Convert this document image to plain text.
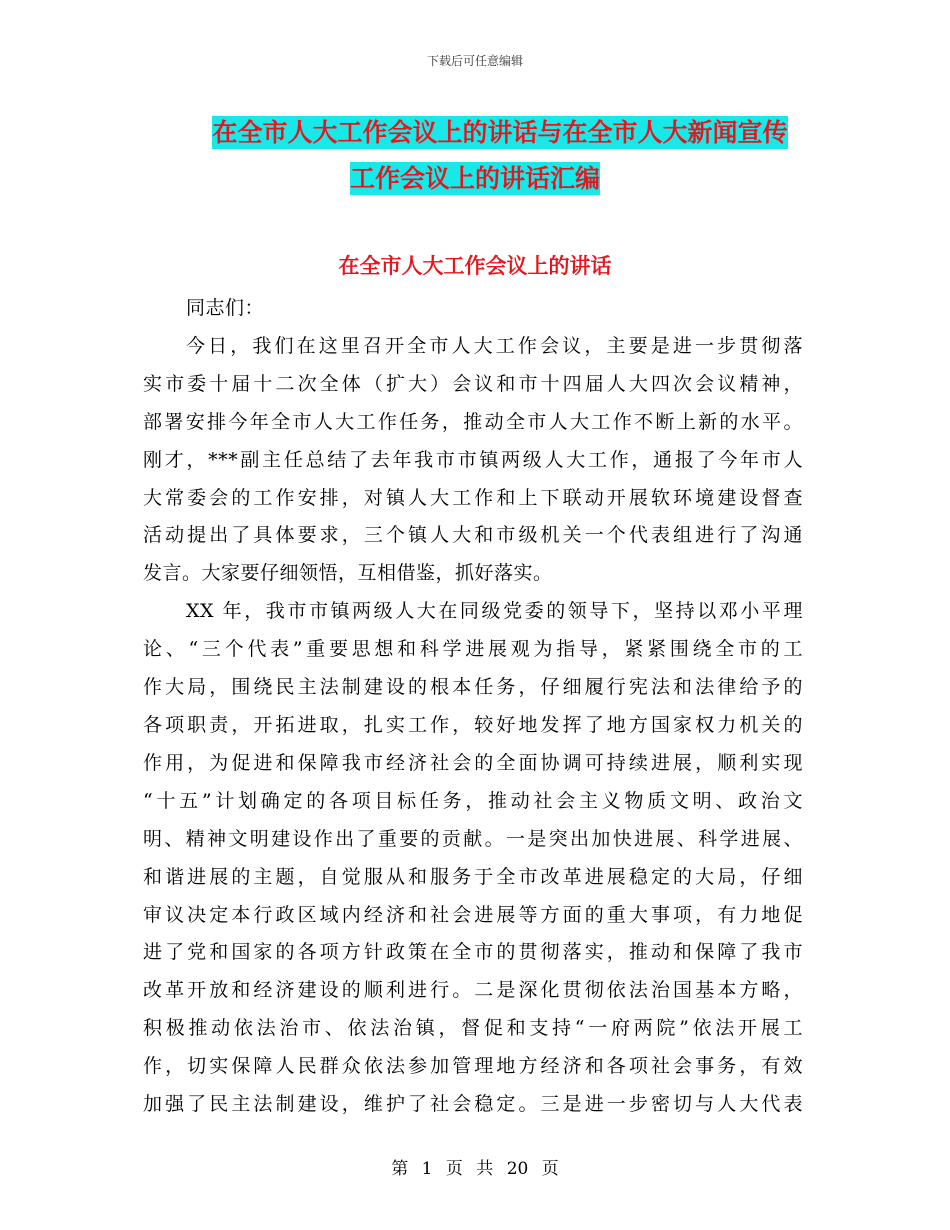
下载后可任意编辑
在全市人大工作会议上的讲话与在全市人大新闻宣传
工作会议上的讲话汇编
在全市人大工作会议上的讲话
同志们：
今日，我们在这里召开全市人大工作会议，主要是进一步贯彻落
实市委十届十二次全体（扩大）会议和市十四届人大四次会议精神，
部署安排今年全市人大工作任务，推动全市人大工作不断上新的水平。
刚才，***副主任总结了去年我市市镇两级人大工作，通报了今年市人
大常委会的工作安排，对镇人大工作和上下联动开展软环境建设督查
活动提出了具体要求，三个镇人大和市级机关一个代表组进行了沟通
发言。大家要仔细领悟，互相借鉴，抓好落实。
XX 年，我市市镇两级人大在同级党委的领导下，坚持以邓小平理
论、“三个代表”重要思想和科学进展观为指导，紧紧围绕全市的工
作大局，围绕民主法制建设的根本任务，仔细履行宪法和法律给予的
各项职责，开拓进取，扎实工作，较好地发挥了地方国家权力机关的
作用，为促进和保障我市经济社会的全面协调可持续进展，顺利实现
“十五”计划确定的各项目标任务，推动社会主义物质文明、政治文
明、精神文明建设作出了重要的贡献。一是突出加快进展、科学进展、
和谐进展的主题，自觉服从和服务于全市改革进展稳定的大局，仔细
审议决定本行政区域内经济和社会进展等方面的重大事项，有力地促
进了党和国家的各项方针政策在全市的贯彻落实，推动和保障了我市
改革开放和经济建设的顺利进行。二是深化贯彻依法治国基本方略，
积极推动依法治市、依法治镇，督促和支持“一府两院”依法开展工
作，切实保障人民群众依法参加管理地方经济和各项社会事务，有效
加强了民主法制建设，维护了社会稳定。三是进一步密切与人大代表
第 1 页 共 20 页
